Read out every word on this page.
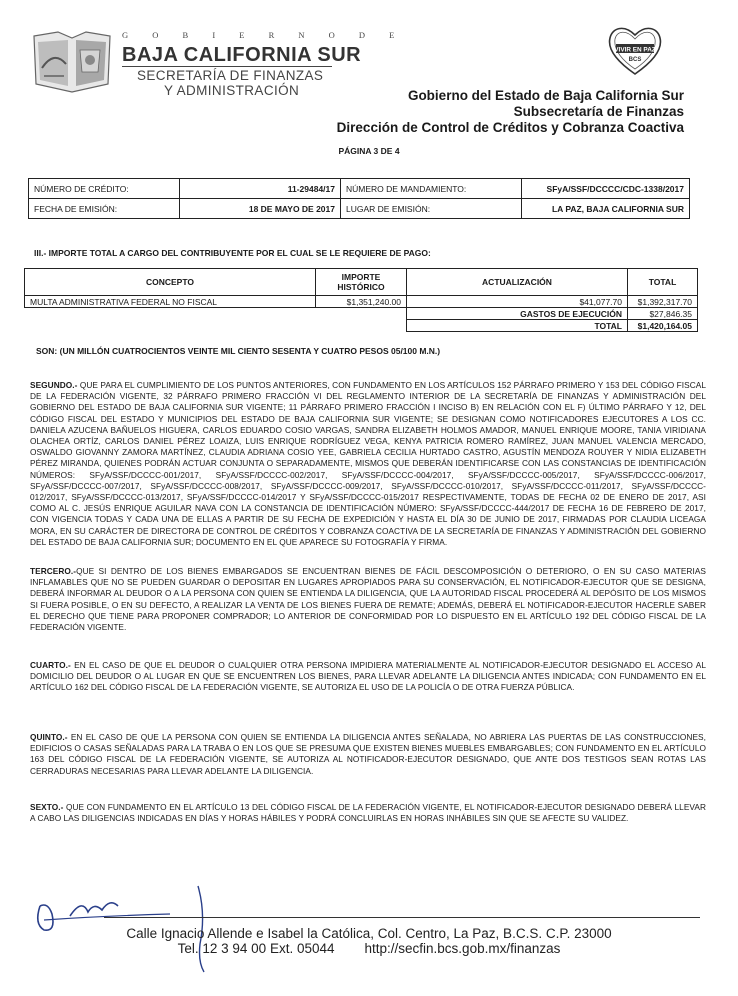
G O B I E R N O D E
BAJA CALIFORNIA SUR
SECRETARÍA DE FINANZAS
Y ADMINISTRACIÓN
VIVIR EN PAZ
BCS
Gobierno del Estado de Baja California Sur
Subsecretaría de Finanzas
Dirección de Control de Créditos y Cobranza Coactiva
PÁGINA 3 DE 4
NÚMERO DE CRÉDITO:	11-29484/17	NÚMERO DE MANDAMIENTO:	SFyA/SSF/DCCCC/CDC-1338/2017
FECHA DE EMISIÓN:	18 DE MAYO DE 2017	LUGAR DE EMISIÓN:	LA PAZ, BAJA CALIFORNIA SUR
III.- IMPORTE TOTAL A CARGO DEL CONTRIBUYENTE POR EL CUAL SE LE REQUIERE DE PAGO:
CONCEPTO	IMPORTE HISTÓRICO	ACTUALIZACIÓN	TOTAL
MULTA ADMINISTRATIVA FEDERAL NO FISCAL	$1,351,240.00	$41,077.70	$1,392,317.70
		GASTOS DE EJECUCIÓN	$27,846.35
		TOTAL	$1,420,164.05
SON: (UN MILLÓN CUATROCIENTOS VEINTE MIL CIENTO SESENTA Y CUATRO PESOS 05/100 M.N.)
SEGUNDO.- QUE PARA EL CUMPLIMIENTO DE LOS PUNTOS ANTERIORES, CON FUNDAMENTO EN LOS ARTÍCULOS 152 PÁRRAFO PRIMERO Y 153 DEL CÓDIGO FISCAL DE LA FEDERACIÓN VIGENTE, 32 PÁRRAFO PRIMERO FRACCIÓN VI DEL REGLAMENTO INTERIOR DE LA SECRETARÍA DE FINANZAS Y ADMINISTRACIÓN DEL GOBIERNO DEL ESTADO DE BAJA CALIFORNIA SUR VIGENTE; 11 PÁRRAFO PRIMERO FRACCIÓN I INCISO B) EN RELACIÓN CON EL F) ÚLTIMO PÁRRAFO Y 12, DEL CÓDIGO FISCAL DEL ESTADO Y MUNICIPIOS DEL ESTADO DE BAJA CALIFORNIA SUR VIGENTE; SE DESIGNAN COMO NOTIFICADORES EJECUTORES A LOS CC. DANIELA AZUCENA BAÑUELOS HIGUERA, CARLOS EDUARDO COSIO VARGAS, SANDRA ELIZABETH HOLMOS AMADOR, MANUEL ENRIQUE MOORE, TANIA VIRIDIANA OLACHEA ORTÍZ, CARLOS DANIEL PÉREZ LOAIZA, LUIS ENRIQUE RODRÍGUEZ VEGA, KENYA PATRICIA ROMERO RAMÍREZ, JUAN MANUEL VALENCIA MERCADO, OSWALDO GIOVANNY ZAMORA MARTÍNEZ, CLAUDIA ADRIANA COSIO YEE, GABRIELA CECILIA HURTADO CASTRO, AGUSTÍN MENDOZA ROUYER Y NIDIA ELIZABETH PÉREZ MIRANDA, QUIENES PODRÁN ACTUAR CONJUNTA O SEPARADAMENTE, MISMOS QUE DEBERÁN IDENTIFICARSE CON LAS CONSTANCIAS DE IDENTIFICACIÓN NÚMEROS: SFyA/SSF/DCCCC-001/2017, SFyA/SSF/DCCCC-002/2017, SFyA/SSF/DCCCC-004/2017, SFyA/SSF/DCCCC-005/2017, SFyA/SSF/DCCCC-006/2017, SFyA/SSF/DCCCC-007/2017, SFyA/SSF/DCCCC-008/2017, SFyA/SSF/DCCCC-009/2017, SFyA/SSF/DCCCC-010/2017, SFyA/SSF/DCCCC-011/2017, SFyA/SSF/DCCCC-012/2017, SFyA/SSF/DCCCC-013/2017, SFyA/SSF/DCCCC-014/2017 Y SFyA/SSF/DCCCC-015/2017 RESPECTIVAMENTE, TODAS DE FECHA 02 DE ENERO DE 2017, ASI COMO AL C. JESÚS ENRIQUE AGUILAR NAVA CON LA CONSTANCIA DE IDENTIFICACIÓN NÚMERO: SFyA/SSF/DCCCC-444/2017 DE FECHA 16 DE FEBRERO DE 2017, CON VIGENCIA TODAS Y CADA UNA DE ELLAS A PARTIR DE SU FECHA DE EXPEDICIÓN Y HASTA EL DÍA 30 DE JUNIO DE 2017, FIRMADAS POR CLAUDIA LICEAGA MORA, EN SU CARÁCTER DE DIRECTORA DE CONTROL DE CRÉDITOS Y COBRANZA COACTIVA DE LA SECRETARÍA DE FINANZAS Y ADMINISTRACIÓN DEL GOBIERNO DEL ESTADO DE BAJA CALIFORNIA SUR; DOCUMENTO EN EL QUE APARECE SU FOTOGRAFÍA Y FIRMA.
TERCERO.-QUE SI DENTRO DE LOS BIENES EMBARGADOS SE ENCUENTRAN BIENES DE FÁCIL DESCOMPOSICIÓN O DETERIORO, O EN SU CASO MATERIAS INFLAMABLES QUE NO SE PUEDEN GUARDAR O DEPOSITAR EN LUGARES APROPIADOS PARA SU CONSERVACIÓN, EL NOTIFICADOR-EJECUTOR QUE SE DESIGNA, DEBERÁ INFORMAR AL DEUDOR O A LA PERSONA CON QUIEN SE ENTIENDA LA DILIGENCIA, QUE LA AUTORIDAD FISCAL PROCEDERÁ AL DEPÓSITO DE LOS MISMOS SI FUERA POSIBLE, O EN SU DEFECTO, A REALIZAR LA VENTA DE LOS BIENES FUERA DE REMATE; ADEMÁS, DEBERÁ EL NOTIFICADOR-EJECUTOR HACERLE SABER EL DERECHO QUE TIENE PARA PROPONER COMPRADOR; LO ANTERIOR DE CONFORMIDAD POR LO DISPUESTO EN EL ARTÍCULO 192 DEL CÓDIGO FISCAL DE LA FEDERACIÓN VIGENTE.
CUARTO.- EN EL CASO DE QUE EL DEUDOR O CUALQUIER OTRA PERSONA IMPIDIERA MATERIALMENTE AL NOTIFICADOR-EJECUTOR DESIGNADO EL ACCESO AL DOMICILIO DEL DEUDOR O AL LUGAR EN QUE SE ENCUENTREN LOS BIENES, PARA LLEVAR ADELANTE LA DILIGENCIA ANTES INDICADA; CON FUNDAMENTO EN EL ARTÍCULO 162 DEL CÓDIGO FISCAL DE LA FEDERACIÓN VIGENTE, SE AUTORIZA EL USO DE LA POLICÍA O DE OTRA FUERZA PÚBLICA.
QUINTO.- EN EL CASO DE QUE LA PERSONA CON QUIEN SE ENTIENDA LA DILIGENCIA ANTES SEÑALADA, NO ABRIERA LAS PUERTAS DE LAS CONSTRUCCIONES, EDIFICIOS O CASAS SEÑALADAS PARA LA TRABA O EN LOS QUE SE PRESUMA QUE EXISTEN BIENES MUEBLES EMBARGABLES; CON FUNDAMENTO EN EL ARTÍCULO 163 DEL CÓDIGO FISCAL DE LA FEDERACIÓN VIGENTE, SE AUTORIZA AL NOTIFICADOR-EJECUTOR DESIGNADO, QUE ANTE DOS TESTIGOS SEAN ROTAS LAS CERRADURAS NECESARIAS PARA LLEVAR ADELANTE LA DILIGENCIA.
SEXTO.- QUE CON FUNDAMENTO EN EL ARTÍCULO 13 DEL CÓDIGO FISCAL DE LA FEDERACIÓN VIGENTE, EL NOTIFICADOR-EJECUTOR DESIGNADO DEBERÁ LLEVAR A CABO LAS DILIGENCIAS INDICADAS EN DÍAS Y HORAS HÁBILES Y PODRÁ CONCLUIRLAS EN HORAS INHÁBILES SIN QUE SE AFECTE SU VALIDEZ.
Calle Ignacio Allende e Isabel la Católica, Col. Centro, La Paz, B.C.S. C.P. 23000
Tel. 12 3 94 00 Ext. 05044 http://secfin.bcs.gob.mx/finanzas
